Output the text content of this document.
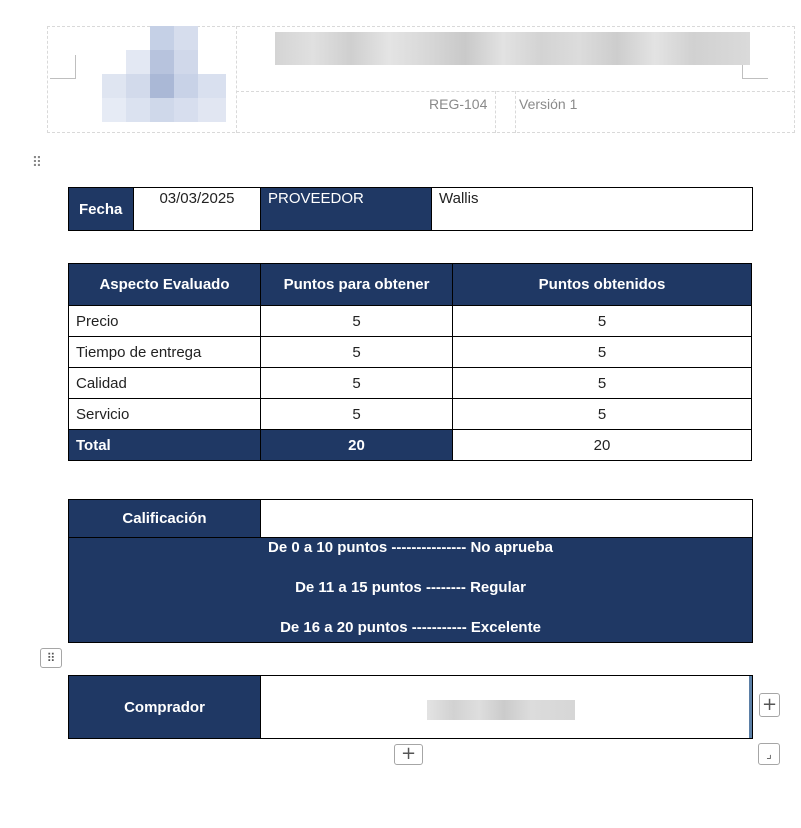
REG-104 Versión 1
⠿
Fecha	03/03/2025	PROVEEDOR	Wallis
Aspecto Evaluado	Puntos para obtener	Puntos obtenidos
Precio	5	5
Tiempo de entrega	5	5
Calidad	5	5
Servicio	5	5
Total	20	20
Calificación	

De 0 a 10 puntos --------------- No aprueba
De 11 a 15 puntos -------- Regular
De 16 a 20 puntos ----------- Excelente
⠿
Comprador		+
+	⌟
